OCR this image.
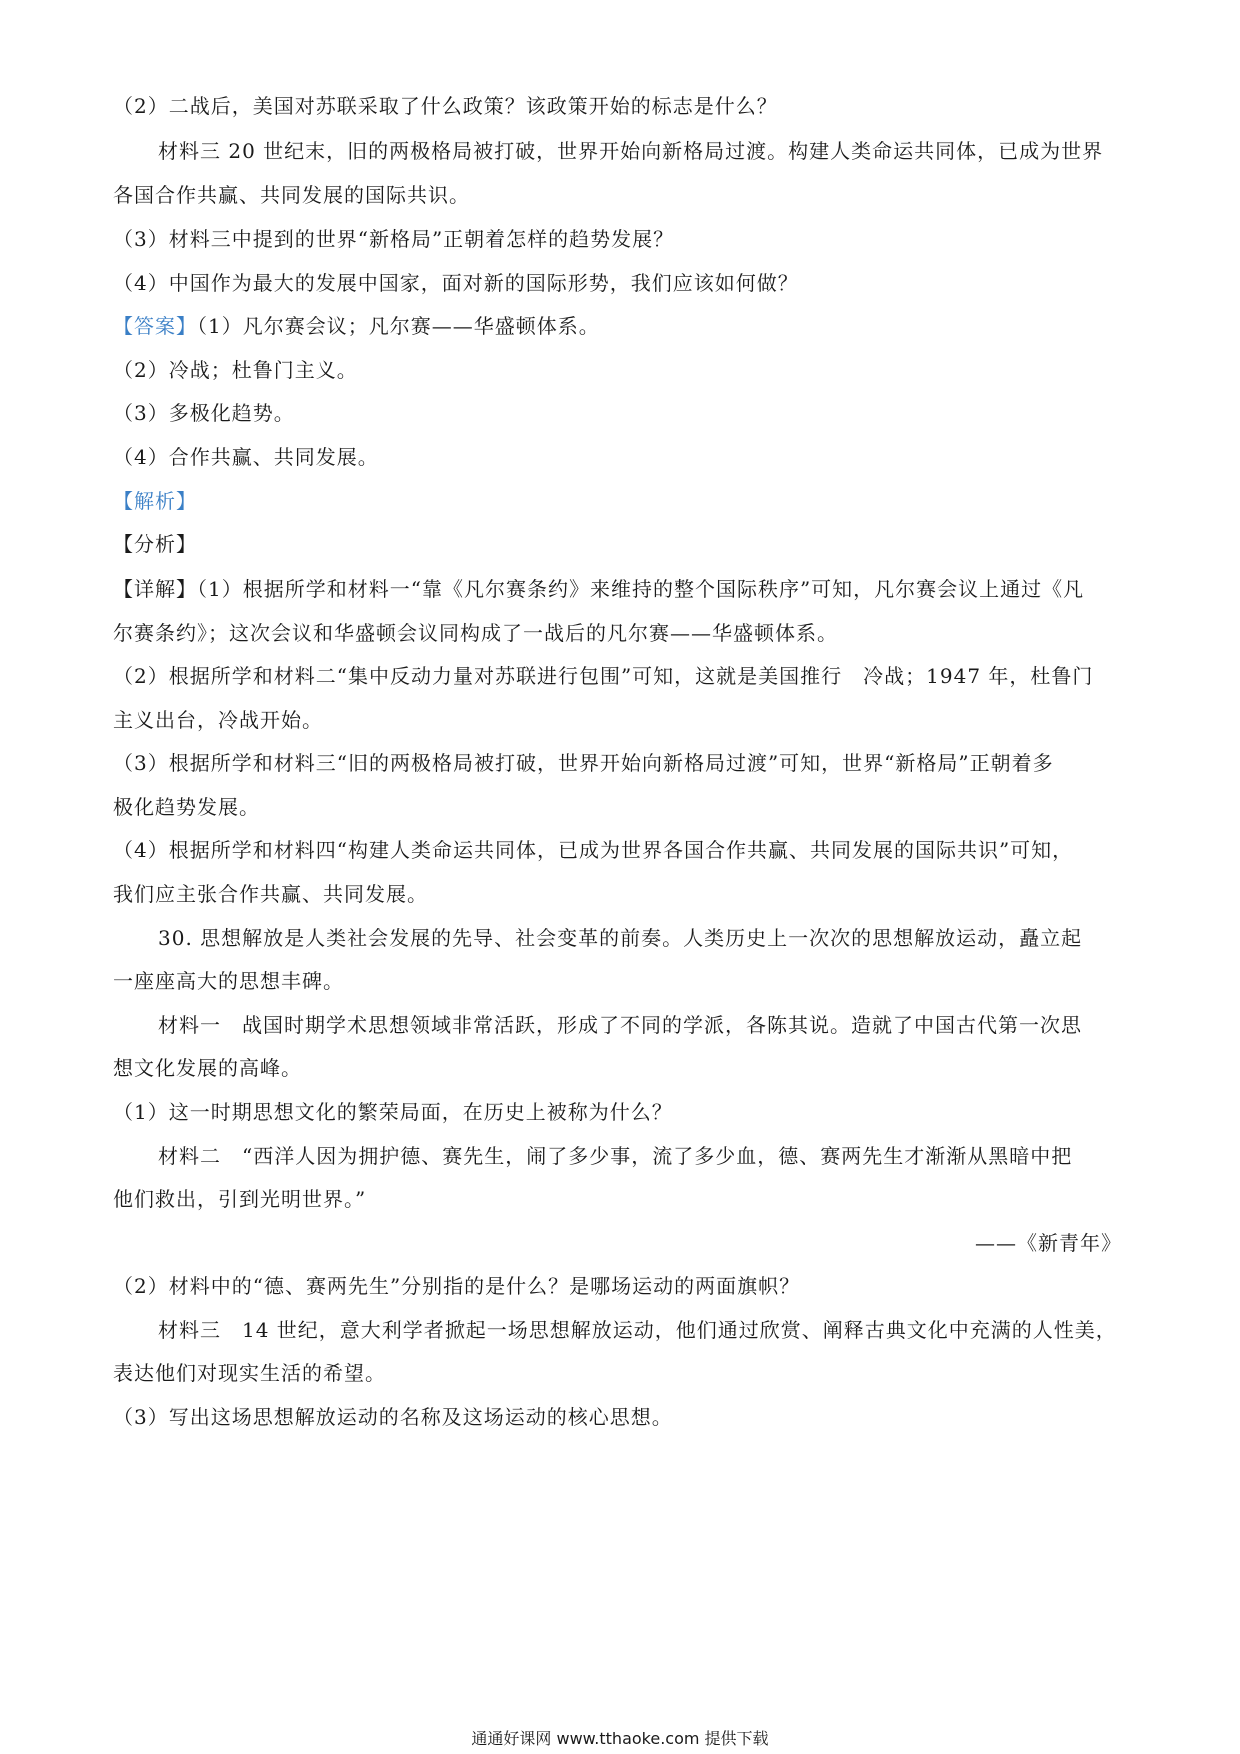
（2）二战后，美国对苏联采取了什么政策？该政策开始的标志是什么？
材料三 20 世纪末，旧的两极格局被打破，世界开始向新格局过渡。构建人类命运共同体，已成为世界
各国合作共赢、共同发展的国际共识。
（3）材料三中提到的世界“新格局”正朝着怎样的趋势发展？
（4）中国作为最大的发展中国家，面对新的国际形势，我们应该如何做？
【答案】（1）凡尔赛会议；凡尔赛——华盛顿体系。
（2）冷战；杜鲁门主义。
（3）多极化趋势。
（4）合作共赢、共同发展。
【解析】
【分析】
【详解】（1）根据所学和材料一“靠《凡尔赛条约》来维持的整个国际秩序”可知，凡尔赛会议上通过《凡
尔赛条约》；这次会议和华盛顿会议同构成了一战后的凡尔赛——华盛顿体系。
（2）根据所学和材料二“集中反动力量对苏联进行包围”可知，这就是美国推行　冷战；1947 年，杜鲁门
主义出台，冷战开始。
（3）根据所学和材料三“旧的两极格局被打破，世界开始向新格局过渡”可知，世界“新格局”正朝着多
极化趋势发展。
（4）根据所学和材料四“构建人类命运共同体，已成为世界各国合作共赢、共同发展的国际共识”可知，
我们应主张合作共赢、共同发展。
30. 思想解放是人类社会发展的先导、社会变革的前奏。人类历史上一次次的思想解放运动，矗立起
一座座高大的思想丰碑。
材料一　战国时期学术思想领域非常活跃，形成了不同的学派，各陈其说。造就了中国古代第一次思
想文化发展的高峰。
（1）这一时期思想文化的繁荣局面，在历史上被称为什么？
材料二　“西洋人因为拥护德、赛先生，闹了多少事，流了多少血，德、赛两先生才渐渐从黑暗中把
他们救出，引到光明世界。”
——《新青年》
（2）材料中的“德、赛两先生”分别指的是什么？是哪场运动的两面旗帜？
材料三　14 世纪，意大利学者掀起一场思想解放运动，他们通过欣赏、阐释古典文化中充满的人性美，
表达他们对现实生活的希望。
（3）写出这场思想解放运动的名称及这场运动的核心思想。
通通好课网 www.tthaoke.com 提供下载
